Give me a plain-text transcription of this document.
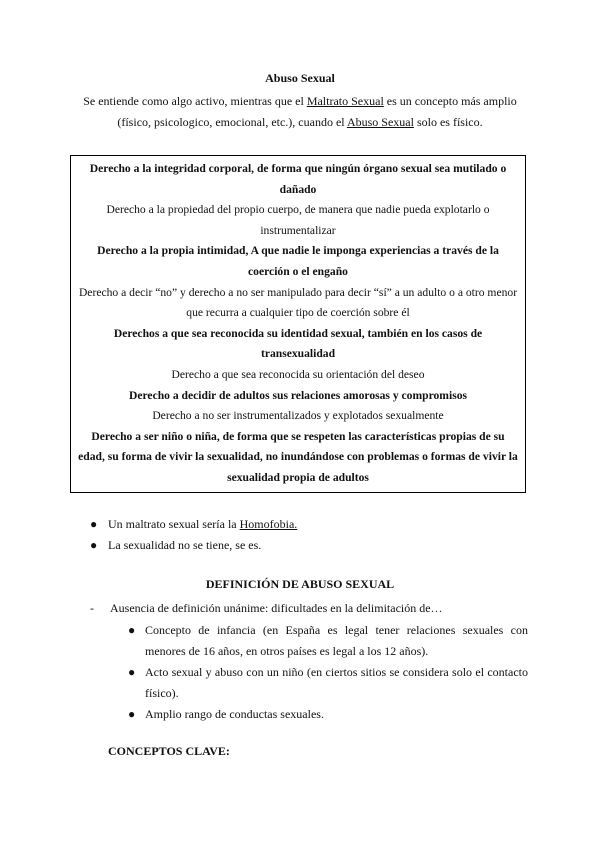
Abuso Sexual
Se entiende como algo activo, mientras que el Maltrato Sexual es un concepto más amplio (físico, psicologico, emocional, etc.), cuando el Abuso Sexual solo es físico.

Derecho a la integridad corporal, de forma que ningún órgano sexual sea mutilado o dañado

Derecho a la propiedad del propio cuerpo, de manera que nadie pueda explotarlo o instrumentalizar

Derecho a la propia intimidad, A que nadie le imponga experiencias a través de la coerción o el engaño

Derecho a decir “no” y derecho a no ser manipulado para decir “sí” a un adulto o a otro menor que recurra a cualquier tipo de coerción sobre él

Derechos a que sea reconocida su identidad sexual, también en los casos de transexualidad

Derecho a que sea reconocida su orientación del deseo

Derecho a decidir de adultos sus relaciones amorosas y compromisos

Derecho a no ser instrumentalizados y explotados sexualmente

Derecho a ser niño o niña, de forma que se respeten las características propias de su edad, su forma de vivir la sexualidad, no inundándose con problemas o formas de vivir la sexualidad propia de adultos

● Un maltrato sexual sería la Homofobia.
● La sexualidad no se tiene, se es.
DEFINICIÓN DE ABUSO SEXUAL
- Ausencia de definición unánime: dificultades en la delimitación de…
● Concepto de infancia (en España es legal tener relaciones sexuales con menores de 16 años, en otros países es legal a los 12 años).
● Acto sexual y abuso con un niño (en ciertos sitios se considera solo el contacto físico).
● Amplio rango de conductas sexuales.
CONCEPTOS CLAVE:
